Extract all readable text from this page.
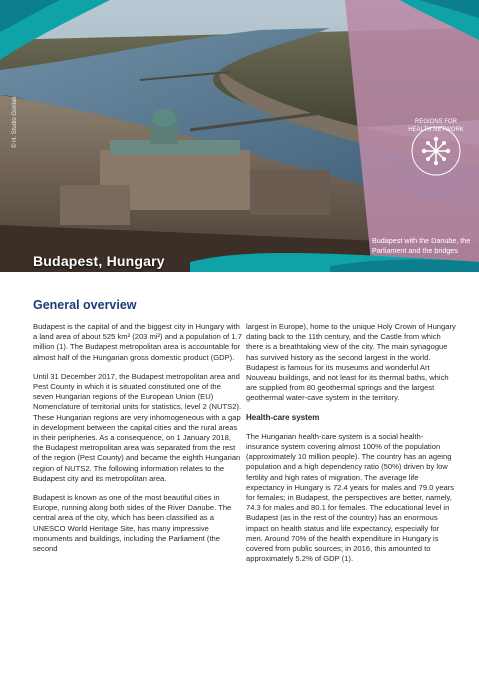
© H. Studio Gorilak	REGIONS FOR HEALTH NETWORK
Budapest with the Danube, the Parliament and the bridges
Budapest, Hungary
General overview

Budapest is the capital of and the biggest city in Hungary with a land area of about 525 km² (203 mi²) and a population of 1.7 million (1). The Budapest metropolitan area is accountable for almost half of the Hungarian gross domestic product (GDP).

Until 31 December 2017, the Budapest metropolitan area and Pest County in which it is situated constituted one of the seven Hungarian regions of the European Union (EU) Nomenclature of territorial units for statistics, level 2 (NUTS2). These Hungarian regions are very inhomogeneous with a gap in development between the capital cities and the rural areas in their peripheries. As a consequence, on 1 January 2018, the Budapest metropolitan area was separated from the rest of the region (Pest County) and became the eighth Hungarian region of NUTS2. The following information relates to the Budapest city and its metropolitan area.

Budapest is known as one of the most beautiful cities in Europe, running along both sides of the River Danube. The central area of the city, which has been classified as a UNESCO World Heritage Site, has many impressive monuments and buildings, including the Parliament (the second

largest in Europe), home to the unique Holy Crown of Hungary dating back to the 11th century, and the Castle from which there is a breathtaking view of the city. The main synagogue has survived history as the second largest in the world. Budapest is famous for its museums and wonderful Art Nouveau buildings, and not least for its thermal baths, which are supplied from 80 geothermal springs and the largest geothermal water-cave system in the territory.

Health-care system

The Hungarian health-care system is a social health-insurance system covering almost 100% of the population (approximately 10 million people). The country has an ageing population and a high dependency ratio (50%) driven by low fertility and high rates of migration. The average life expectancy in Hungary is 72.4 years for males and 79.0 years for females; in Budapest, the perspectives are better, namely, 74.3 for males and 80.1 for females. The educational level in Budapest (as in the rest of the country) has an enormous impact on health status and life expectancy, especially for men. Around 70% of the health expenditure in Hungary is covered from public sources; in 2016, this amounted to approximately 5.2% of GDP (1).
